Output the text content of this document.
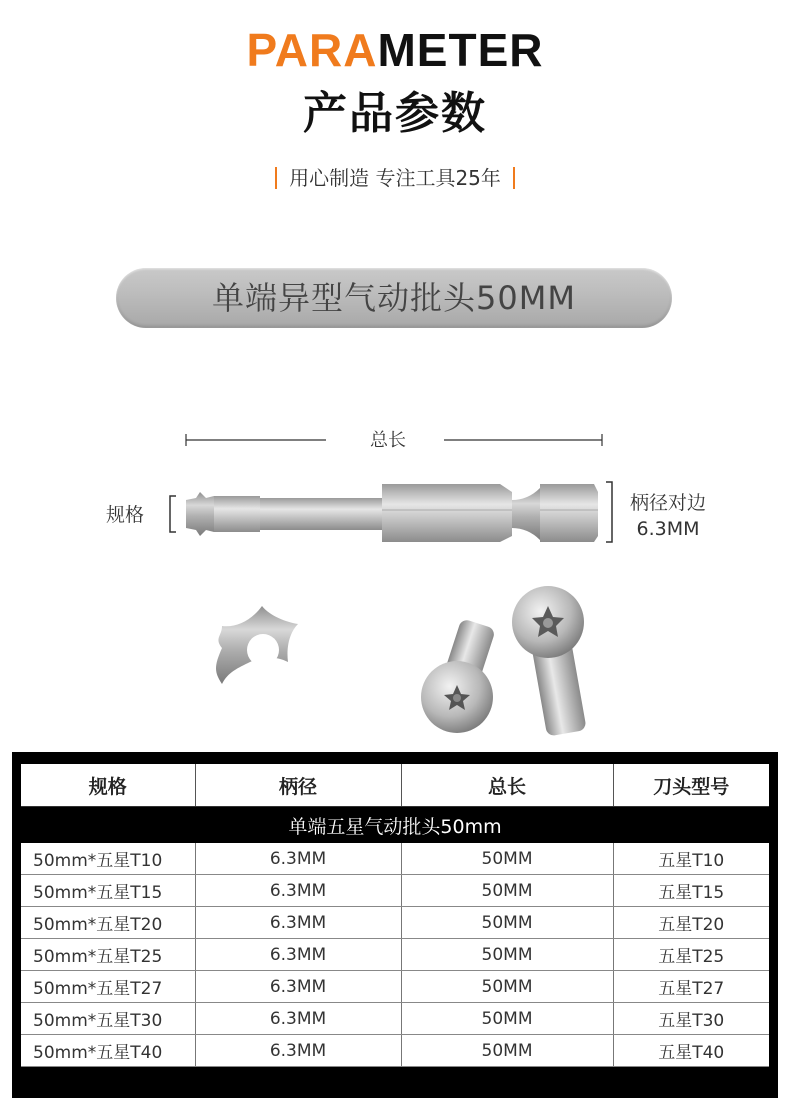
PARAMETER
产品参数
用心制造 专注工具25年
单端异型气动批头50MM
总长
规格
柄径对边
6.3MM
规格	柄径	总长	刀头型号
单端五星气动批头50mm			
50mm*五星T10	6.3MM	50MM	五星T10
50mm*五星T15	6.3MM	50MM	五星T15
50mm*五星T20	6.3MM	50MM	五星T20
50mm*五星T25	6.3MM	50MM	五星T25
50mm*五星T27	6.3MM	50MM	五星T27
50mm*五星T30	6.3MM	50MM	五星T30
50mm*五星T40	6.3MM	50MM	五星T40
